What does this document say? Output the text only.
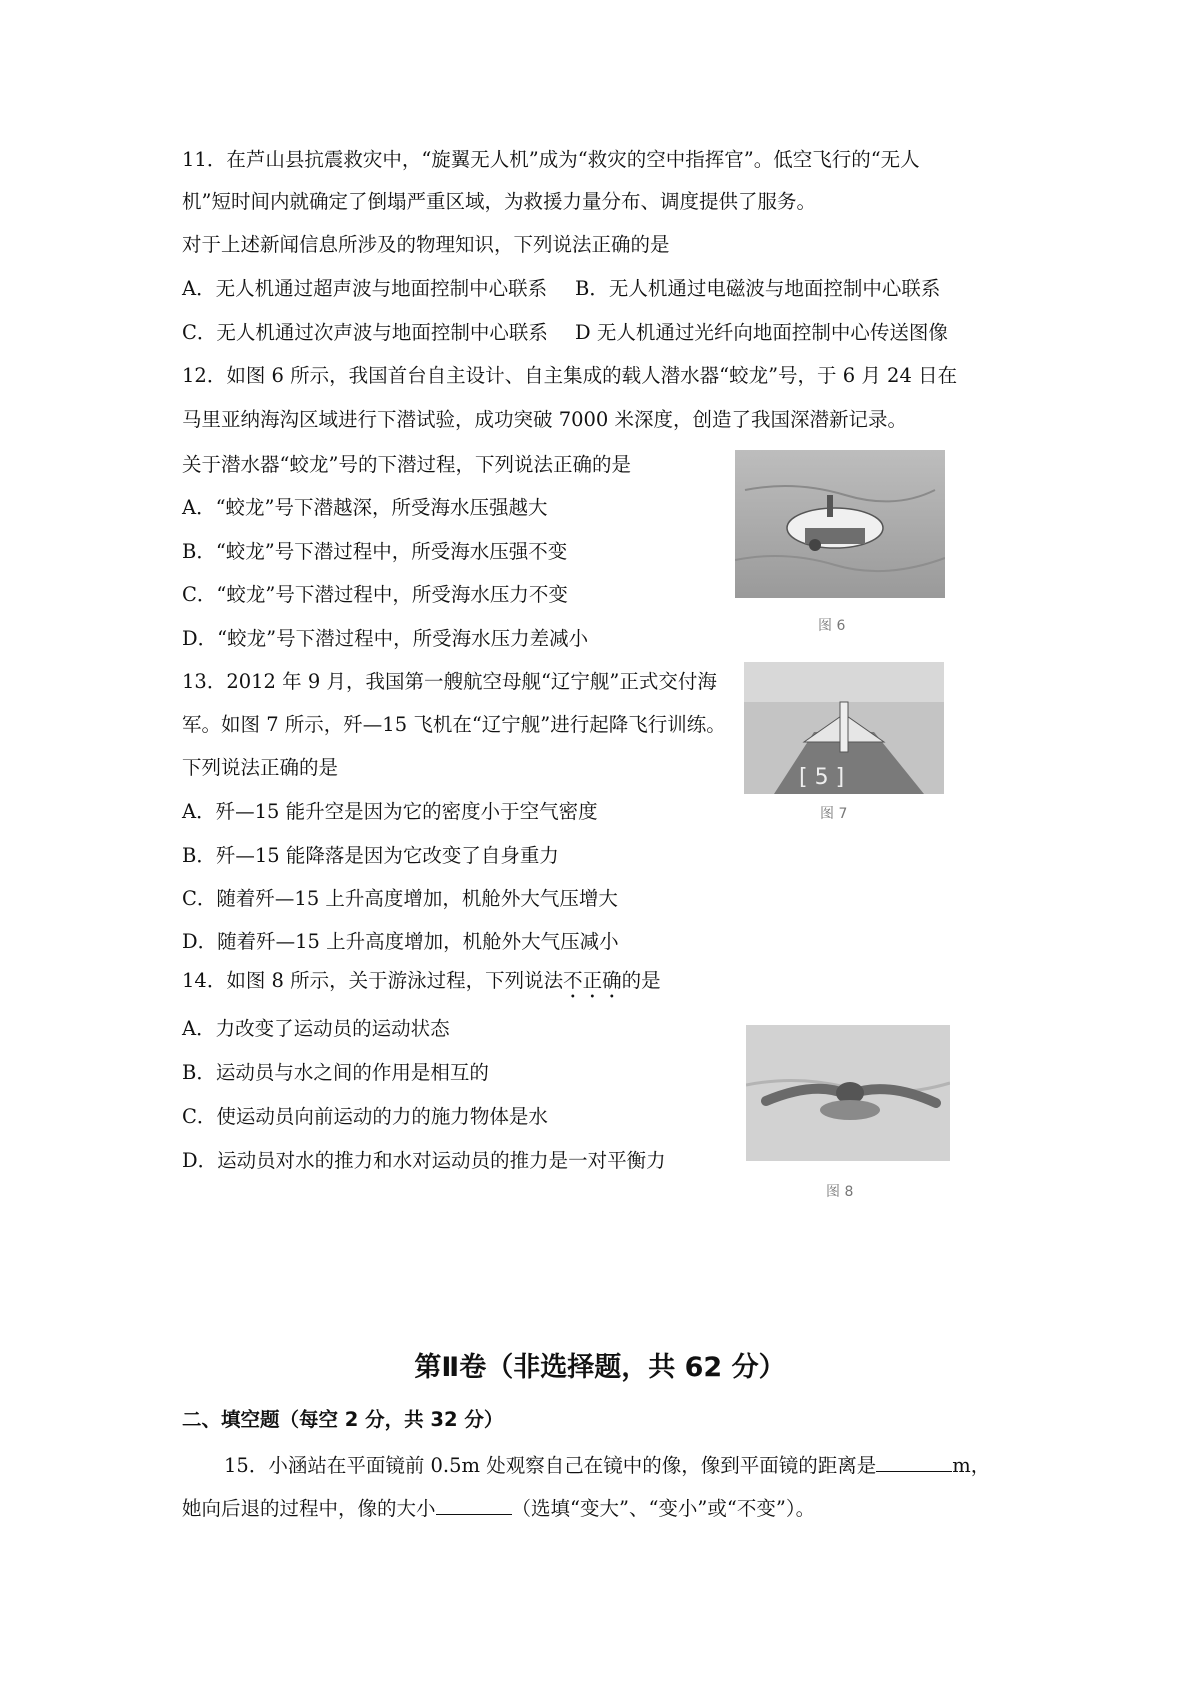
11．在芦山县抗震救灾中，“旋翼无人机”成为“救灾的空中指挥官”。低空飞行的“无人
机”短时间内就确定了倒塌严重区域，为救援力量分布、调度提供了服务。
对于上述新闻信息所涉及的物理知识，下列说法正确的是
A．无人机通过超声波与地面控制中心联系 B．无人机通过电磁波与地面控制中心联系
C．无人机通过次声波与地面控制中心联系 D 无人机通过光纤向地面控制中心传送图像
12．如图 6 所示，我国首台自主设计、自主集成的载人潜水器“蛟龙”号，于 6 月 24 日在
马里亚纳海沟区域进行下潜试验，成功突破 7000 米深度，创造了我国深潜新记录。
关于潜水器“蛟龙”号的下潜过程，下列说法正确的是
A．“蛟龙”号下潜越深，所受海水压强越大
B．“蛟龙”号下潜过程中，所受海水压强不变
C．“蛟龙”号下潜过程中，所受海水压力不变
D．“蛟龙”号下潜过程中，所受海水压力差减小
图 6
13．2012 年 9 月，我国第一艘航空母舰“辽宁舰”正式交付海
军。如图 7 所示，歼—15 飞机在“辽宁舰”进行起降飞行训练。
下列说法正确的是
A．歼—15 能升空是因为它的密度小于空气密度
B．歼—15 能降落是因为它改变了自身重力
C．随着歼—15 上升高度增加，机舱外大气压增大
D．随着歼—15 上升高度增加，机舱外大气压减小
[ 5 ]
图 7
14．如图 8 所示，关于游泳过程，下列说法不正确的是
A．力改变了运动员的运动状态
B．运动员与水之间的作用是相互的
C．使运动员向前运动的力的施力物体是水
D．运动员对水的推力和水对运动员的推力是一对平衡力
图 8
第Ⅱ卷（非选择题，共 62 分）
二、填空题（每空 2 分，共 32 分）
15．小涵站在平面镜前 0.5m 处观察自己在镜中的像，像到平面镜的距离是	m，
她向后退的过程中，像的大小	（选填“变大”、“变小”或“不变”）。
